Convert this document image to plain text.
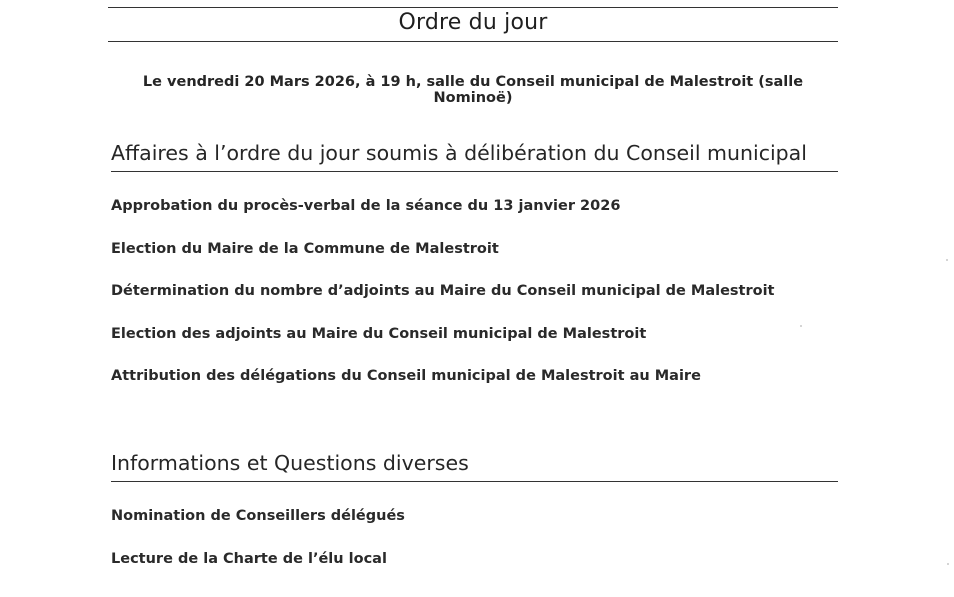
Ordre du jour
Le vendredi 20 Mars 2026, à 19 h, salle du Conseil municipal de Malestroit (salle Nominoë)
Affaires à l’ordre du jour soumis à délibération du Conseil municipal
Approbation du procès-verbal de la séance du 13 janvier 2026
Election du Maire de la Commune de Malestroit
Détermination du nombre d’adjoints au Maire du Conseil municipal de Malestroit
Election des adjoints au Maire du Conseil municipal de Malestroit
Attribution des délégations du Conseil municipal de Malestroit au Maire
Informations et Questions diverses
Nomination de Conseillers délégués
Lecture de la Charte de l’élu local
